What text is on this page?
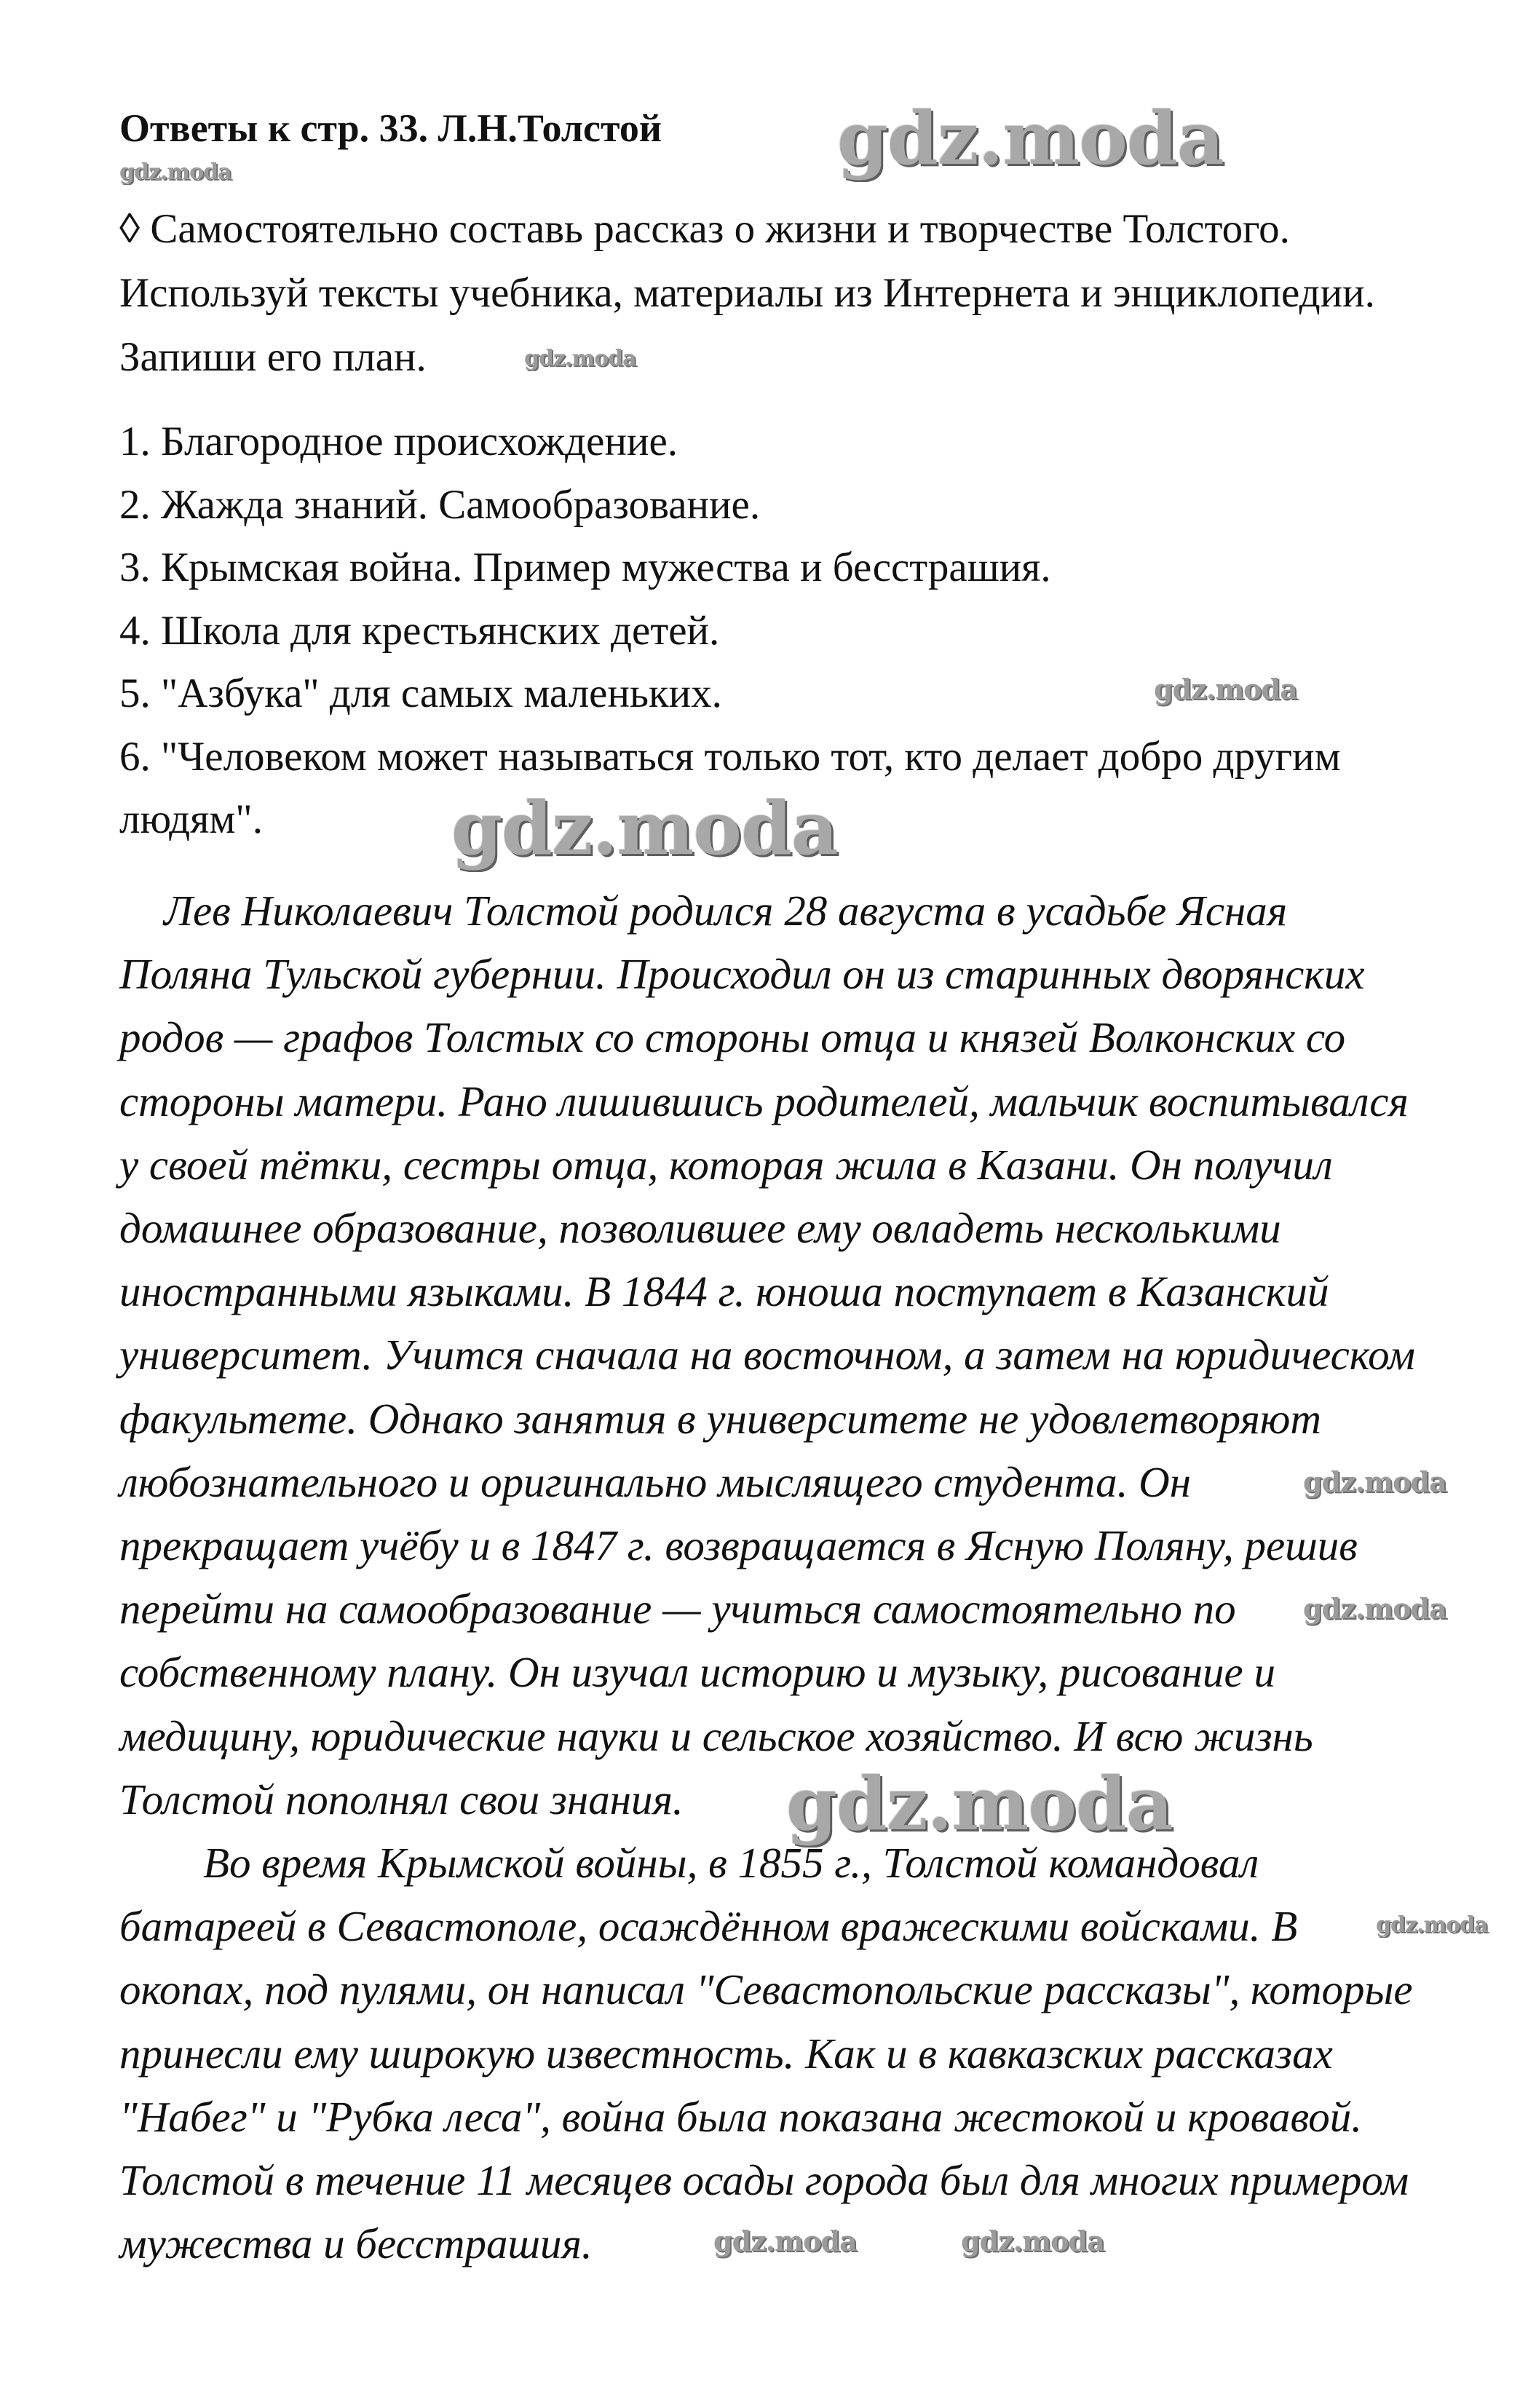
Ответы к стр. 33. Л.Н.Толстой
◊ Самостоятельно составь рассказ о жизни и творчестве Толстого.
Используй тексты учебника, материалы из Интернета и энциклопедии.
Запиши его план.
1. Благородное происхождение.
2. Жажда знаний. Самообразование.
3. Крымская война. Пример мужества и бесстрашия.
4. Школа для крестьянских детей.
5. "Азбука" для самых маленьких.
6. "Человеком может называться только тот, кто делает добро другим
людям".
Лев Николаевич Толстой родился 28 августа в усадьбе Ясная
Поляна Тульской губернии. Происходил он из старинных дворянских
родов — графов Толстых со стороны отца и князей Волконских со
стороны матери. Рано лишившись родителей, мальчик воспитывался
у своей тётки, сестры отца, которая жила в Казани. Он получил
домашнее образование, позволившее ему овладеть несколькими
иностранными языками. В 1844 г. юноша поступает в Казанский
университет. Учится сначала на восточном, а затем на юридическом
факультете. Однако занятия в университете не удовлетворяют
любознательного и оригинально мыслящего студента. Он
прекращает учёбу и в 1847 г. возвращается в Ясную Поляну, решив
перейти на самообразование — учиться самостоятельно по
собственному плану. Он изучал историю и музыку, рисование и
медицину, юридические науки и сельское хозяйство. И всю жизнь
Толстой пополнял свои знания.
Во время Крымской войны, в 1855 г., Толстой командовал
батареей в Севастополе, осаждённом вражескими войсками. В
окопах, под пулями, он написал "Севастопольские рассказы", которые
принесли ему широкую известность. Как и в кавказских рассказах
"Набег" и "Рубка леса", война была показана жестокой и кровавой.
Толстой в течение 11 месяцев осады города был для многих примером
мужества и бесстрашия.
gdz.moda	gdz.moda
gdz.moda
gdz.moda
gdz.moda
gdz.moda
gdz.moda
gdz.moda
gdz.moda
gdz.moda	gdz.moda
